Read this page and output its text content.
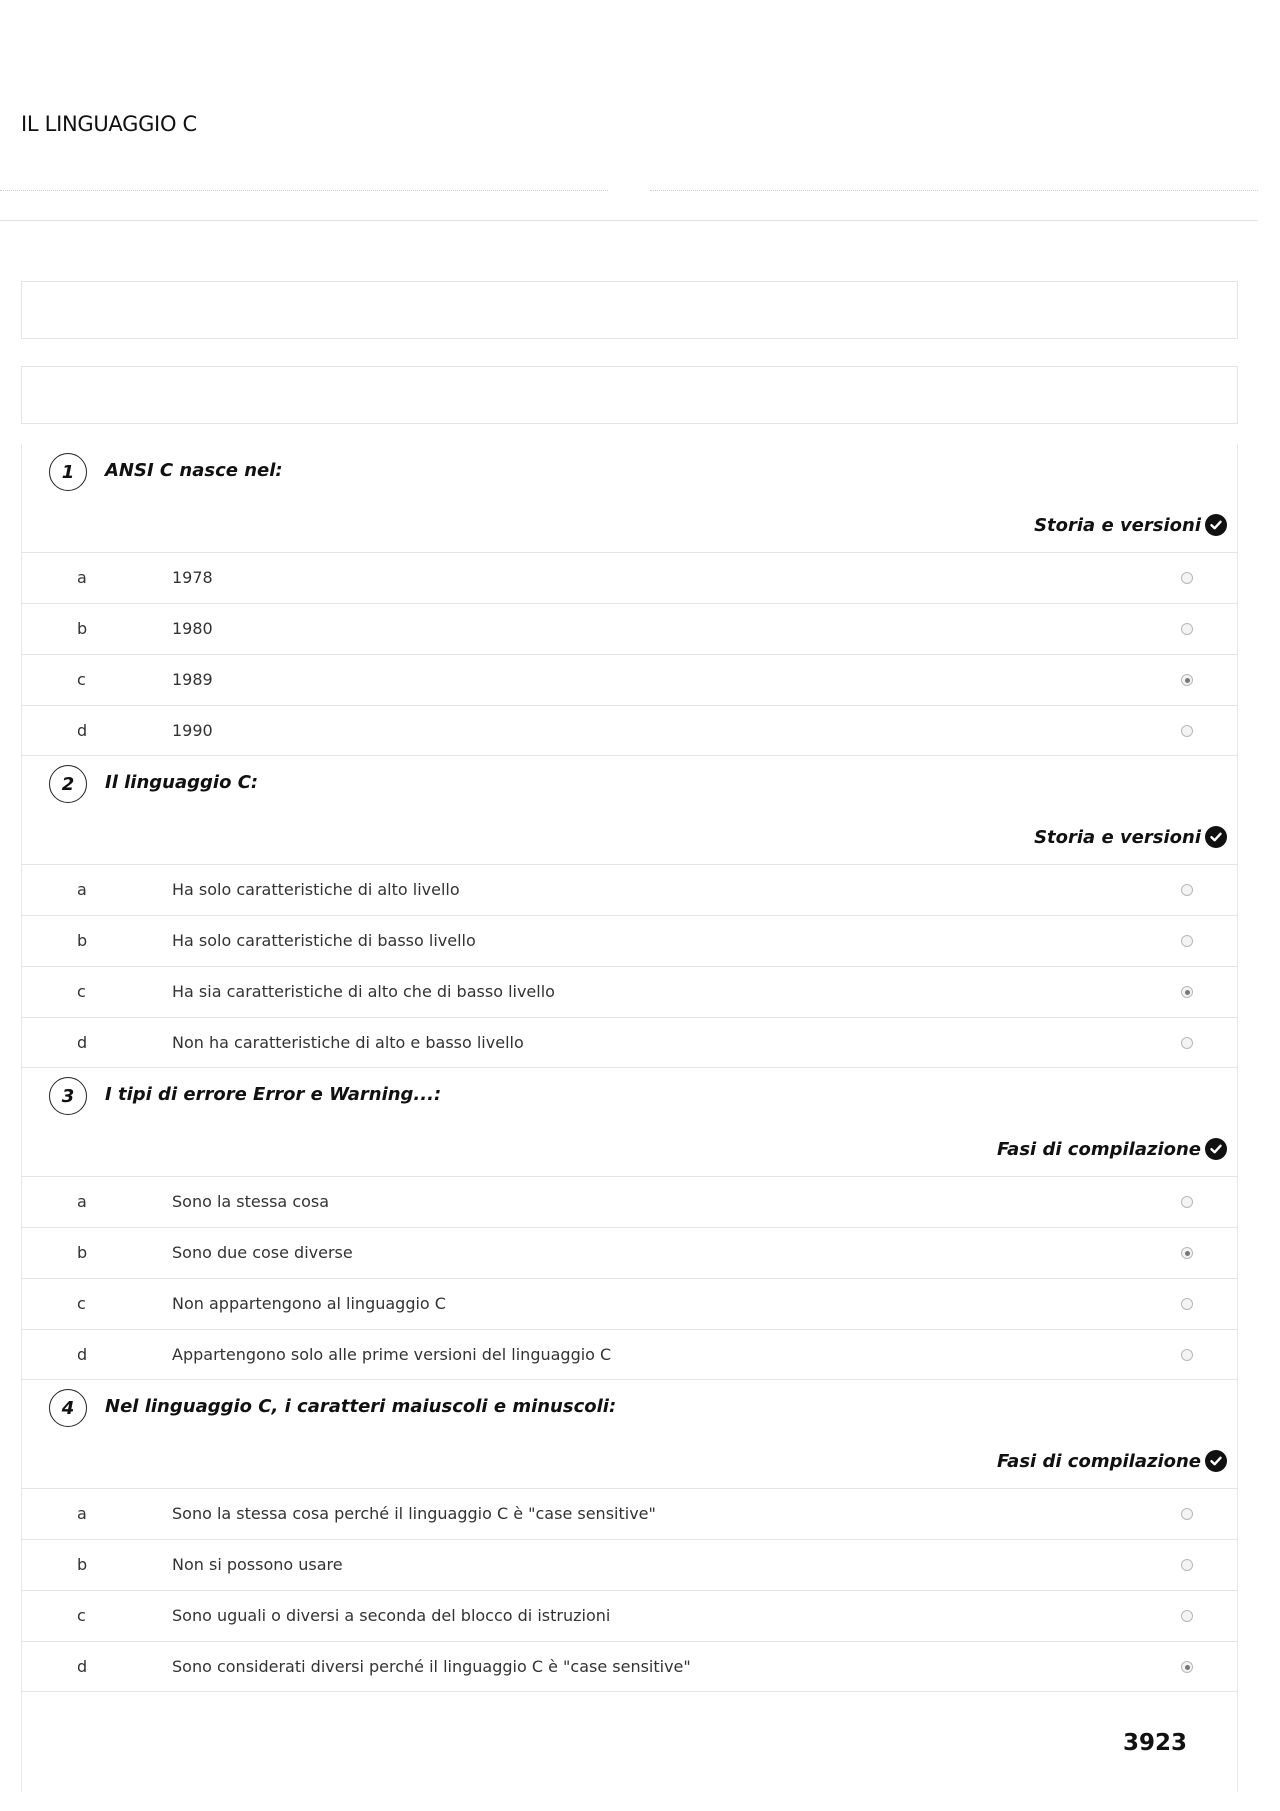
IL LINGUAGGIO C
1	ANSI C nasce nel:
Storia e versioni
a	1978
b	1980
c	1989
d	1990
2	Il linguaggio C:
Storia e versioni
a	Ha solo caratteristiche di alto livello
b	Ha solo caratteristiche di basso livello
c	Ha sia caratteristiche di alto che di basso livello
d	Non ha caratteristiche di alto e basso livello
3	I tipi di errore Error e Warning...:
Fasi di compilazione
a	Sono la stessa cosa
b	Sono due cose diverse
c	Non appartengono al linguaggio C
d	Appartengono solo alle prime versioni del linguaggio C
4	Nel linguaggio C, i caratteri maiuscoli e minuscoli:
Fasi di compilazione
a	Sono la stessa cosa perché il linguaggio C è "case sensitive"
b	Non si possono usare
c	Sono uguali o diversi a seconda del blocco di istruzioni
d	Sono considerati diversi perché il linguaggio C è "case sensitive"
3923
